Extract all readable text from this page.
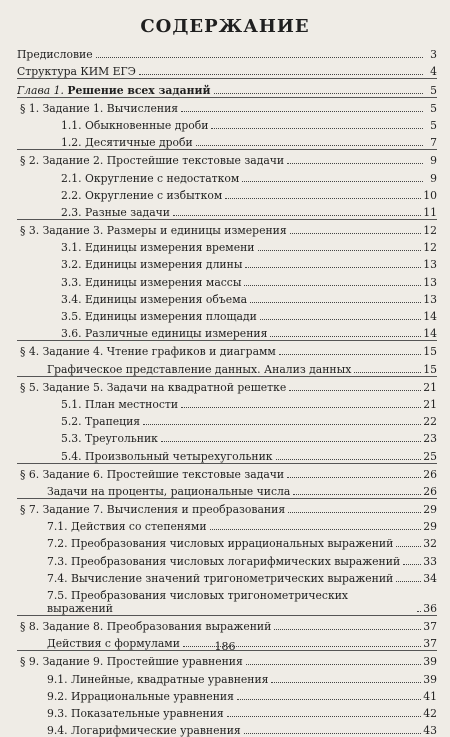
СОДЕРЖАНИЕ
Предисловие	3
Структура КИМ ЕГЭ	4
Глава 1. Решение всех заданий	5
§ 1. Задание 1. Вычисления	5
1.1. Обыкновенные дроби	5
1.2. Десятичные дроби	7
§ 2. Задание 2. Простейшие текстовые задачи	9
2.1. Округление с недостатком	9
2.2. Округление с избытком	10
2.3. Разные задачи	11
§ 3. Задание 3. Размеры и единицы измерения	12
3.1. Единицы измерения времени	12
3.2. Единицы измерения длины	13
3.3. Единицы измерения массы	13
3.4. Единицы измерения объема	13
3.5. Единицы измерения площади	14
3.6. Различные единицы измерения	14
§ 4. Задание 4. Чтение графиков и диаграмм	15
Графическое представление данных. Анализ данных	15
§ 5. Задание 5. Задачи на квадратной решетке	21
5.1. План местности	21
5.2. Трапеция	22
5.3. Треугольник	23
5.4. Произвольный четырехугольник	25
§ 6. Задание 6. Простейшие текстовые задачи	26
Задачи на проценты, рациональные числа	26
§ 7. Задание 7. Вычисления и преобразования	29
7.1. Действия со степенями	29
7.2. Преобразования числовых иррациональных выражений	32
7.3. Преобразования числовых логарифмических выражений 33
7.4. Вычисление значений тригонометрических выражений	34
7.5. Преобразования числовых тригонометрических выражений	36
§ 8. Задание 8. Преобразования выражений	37
Действия с формулами	37
§ 9. Задание 9. Простейшие уравнения	39
9.1. Линейные, квадратные уравнения	39
9.2. Иррациональные уравнения	41
9.3. Показательные уравнения	42
9.4. Логарифмические уравнения	43
186
